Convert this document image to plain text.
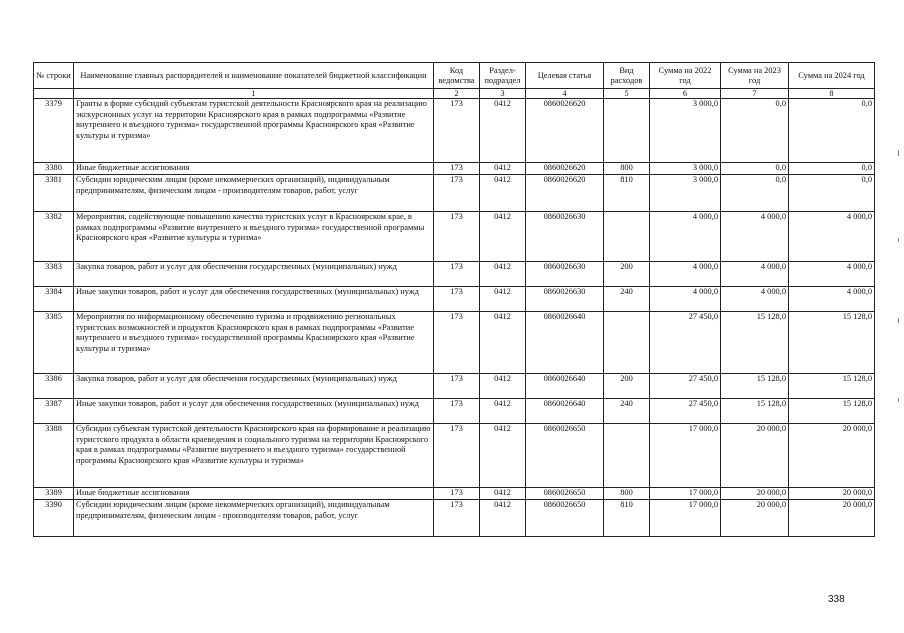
№ строки	Наименование главных распорядителей и наименование показателей бюджетной классификации	Код ведомства	Раздел-подраздел	Целевая статья	Вид расходов	Сумма на 2022 год	Сумма на 2023 год	Сумма на 2024 год
	1	2	3	4	5	6	7	8
3379	Гранты в форме субсидий субъектам туристской деятельности Красноярского края на реализацию экскурсионных услуг на территории Красноярского края в рамках подпрограммы «Развитие внутреннего и въездного туризма» государственной программы Красноярского края «Развитие культуры и туризма»	173	0412	0860026620		3 000,0	0,0	0,0
3380	Иные бюджетные ассигнования	173	0412	0860026620	800	3 000,0	0,0	0,0
3381	Субсидии юридическим лицам (кроме некоммерческих организаций), индивидуальным предпринимателям, физическим лицам - производителям товаров, работ, услуг	173	0412	0860026620	810	3 000,0	0,0	0,0
3382	Мероприятия, содействующие повышению качества туристских услуг в Красноярском крае, в рамках подпрограммы «Развитие внутреннего и въездного туризма» государственной программы Красноярского края «Развитие культуры и туризма»	173	0412	0860026630		4 000,0	4 000,0	4 000,0
3383	Закупка товаров, работ и услуг для обеспечения государственных (муниципальных) нужд	173	0412	0860026630	200	4 000,0	4 000,0	4 000,0
3384	Иные закупки товаров, работ и услуг для обеспечения государственных (муниципальных) нужд	173	0412	0860026630	240	4 000,0	4 000,0	4 000,0
3385	Мероприятия по информационному обеспечению туризма и продвижению региональных туристских возможностей и продуктов Красноярского края в рамках подпрограммы «Развитие внутреннего и въездного туризма» государственной программы Красноярского края «Развитие культуры и туризма»	173	0412	0860026640		27 450,0	15 128,0	15 128,0
3386	Закупка товаров, работ и услуг для обеспечения государственных (муниципальных) нужд	173	0412	0860026640	200	27 450,0	15 128,0	15 128,0
3387	Иные закупки товаров, работ и услуг для обеспечения государственных (муниципальных) нужд	173	0412	0860026640	240	27 450,0	15 128,0	15 128,0
3388	Субсидии субъектам туристской деятельности Красноярского края на формирование и реализацию туристского продукта в области краеведения и социального туризма на территории Красноярского края в рамках подпрограммы «Развитие внутреннего и въездного туризма» государственной программы Красноярского края «Развитие культуры и туризма»	173	0412	0860026650		17 000,0	20 000,0	20 000,0
3389	Иные бюджетные ассигнования	173	0412	0860026650	800	17 000,0	20 000,0	20 000,0
3390	Субсидии юридическим лицам (кроме некоммерческих организаций), индивидуальным предпринимателям, физическим лицам - производителям товаров, работ, услуг	173	0412	0860026650	810	17 000,0	20 000,0	20 000,0
338
